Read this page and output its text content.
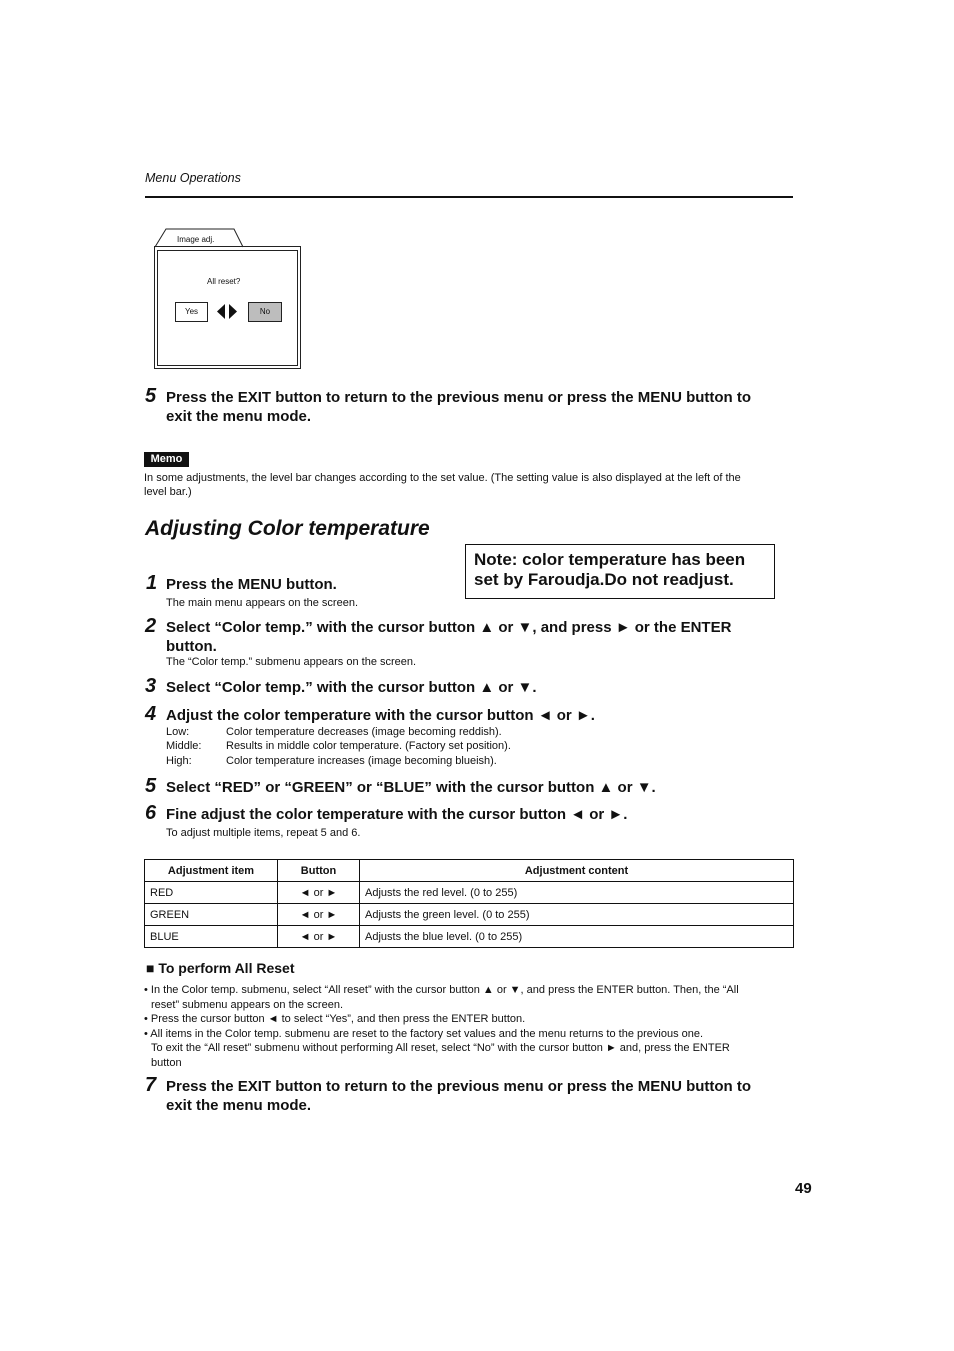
Menu Operations
Image adj.
All reset?
Yes	No
5 Press the EXIT button to return to the previous menu or press the MENU button to
exit the menu mode.
Memo
In some adjustments, the level bar changes according to the set value. (The setting value is also displayed at the left of the
level bar.)
Adjusting Color temperature
Note: color temperature has been
set by Faroudja.Do not readjust.
1 Press the MENU button.
The main menu appears on the screen.
2 Select “Color temp.” with the cursor button ▲ or ▼, and press ► or the ENTER
button.
The “Color temp.” submenu appears on the screen.
3 Select “Color temp.” with the cursor button ▲ or ▼.
4 Adjust the color temperature with the cursor button ◄ or ►.
Low:	Color temperature decreases (image becoming reddish).
Middle: Results in middle color temperature. (Factory set position).
High:	Color temperature increases (image becoming blueish).
5 Select “RED” or “GREEN” or “BLUE” with the cursor button ▲ or ▼.
6 Fine adjust the color temperature with the cursor button ◄ or ►.
To adjust multiple items, repeat 5 and 6.
Adjustment item	Button	Adjustment content
RED	◄ or ►	Adjusts the red level. (0 to 255)
GREEN	◄ or ►	Adjusts the green level. (0 to 255)
BLUE	◄ or ►	Adjusts the blue level. (0 to 255)
■ To perform All Reset

• In the Color temp. submenu, select “All reset” with the cursor button ▲ or ▼, and press the ENTER button. Then, the “All

reset” submenu appears on the screen.

• Press the cursor button ◄ to select “Yes”, and then press the ENTER button.

• All items in the Color temp. submenu are reset to the factory set values and the menu returns to the previous one.

To exit the “All reset” submenu without performing All reset, select “No” with the cursor button ► and, press the ENTER

button

7 Press the EXIT button to return to the previous menu or press the MENU button to
exit the menu mode.
49
